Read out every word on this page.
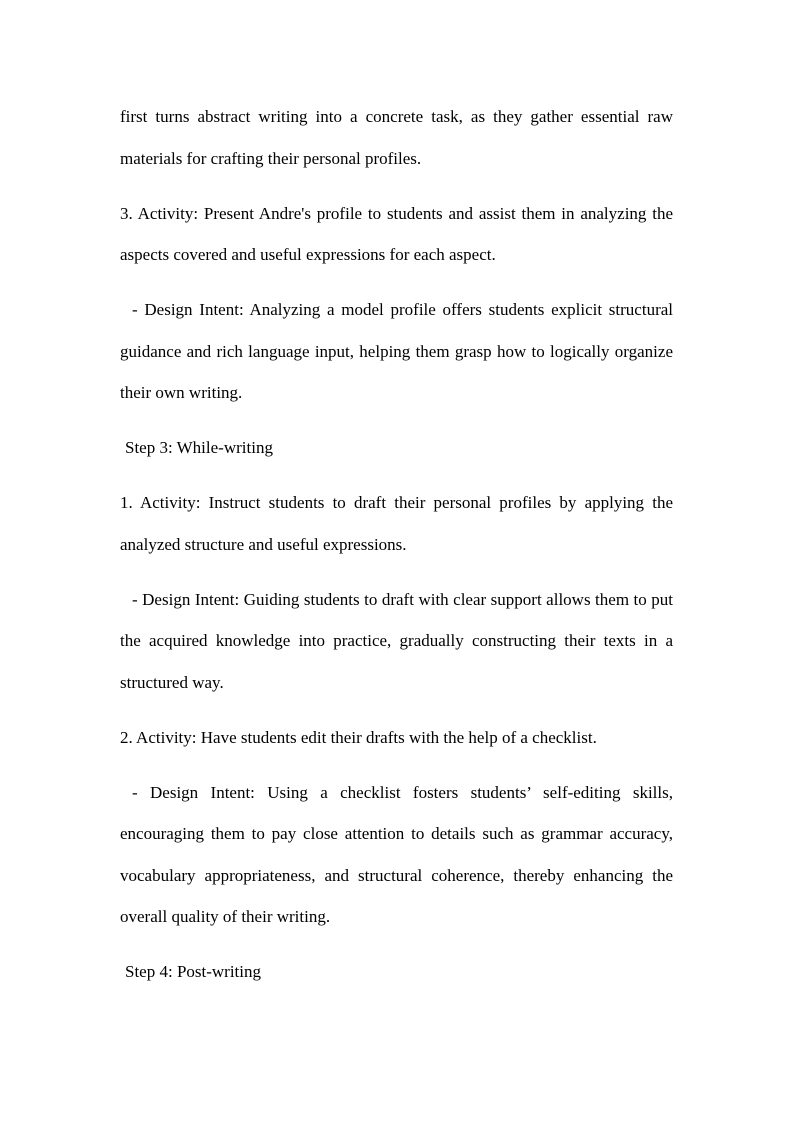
first turns abstract writing into a concrete task, as they gather essential raw materials for crafting their personal profiles.

3. Activity: Present Andre's profile to students and assist them in analyzing the aspects covered and useful expressions for each aspect.

- Design Intent: Analyzing a model profile offers students explicit structural guidance and rich language input, helping them grasp how to logically organize their own writing.

Step 3: While-writing

1. Activity: Instruct students to draft their personal profiles by applying the analyzed structure and useful expressions.

- Design Intent: Guiding students to draft with clear support allows them to put the acquired knowledge into practice, gradually constructing their texts in a structured way.

2. Activity: Have students edit their drafts with the help of a checklist.

- Design Intent: Using a checklist fosters students’ self-editing skills, encouraging them to pay close attention to details such as grammar accuracy, vocabulary appropriateness, and structural coherence, thereby enhancing the overall quality of their writing.

Step 4: Post-writing
